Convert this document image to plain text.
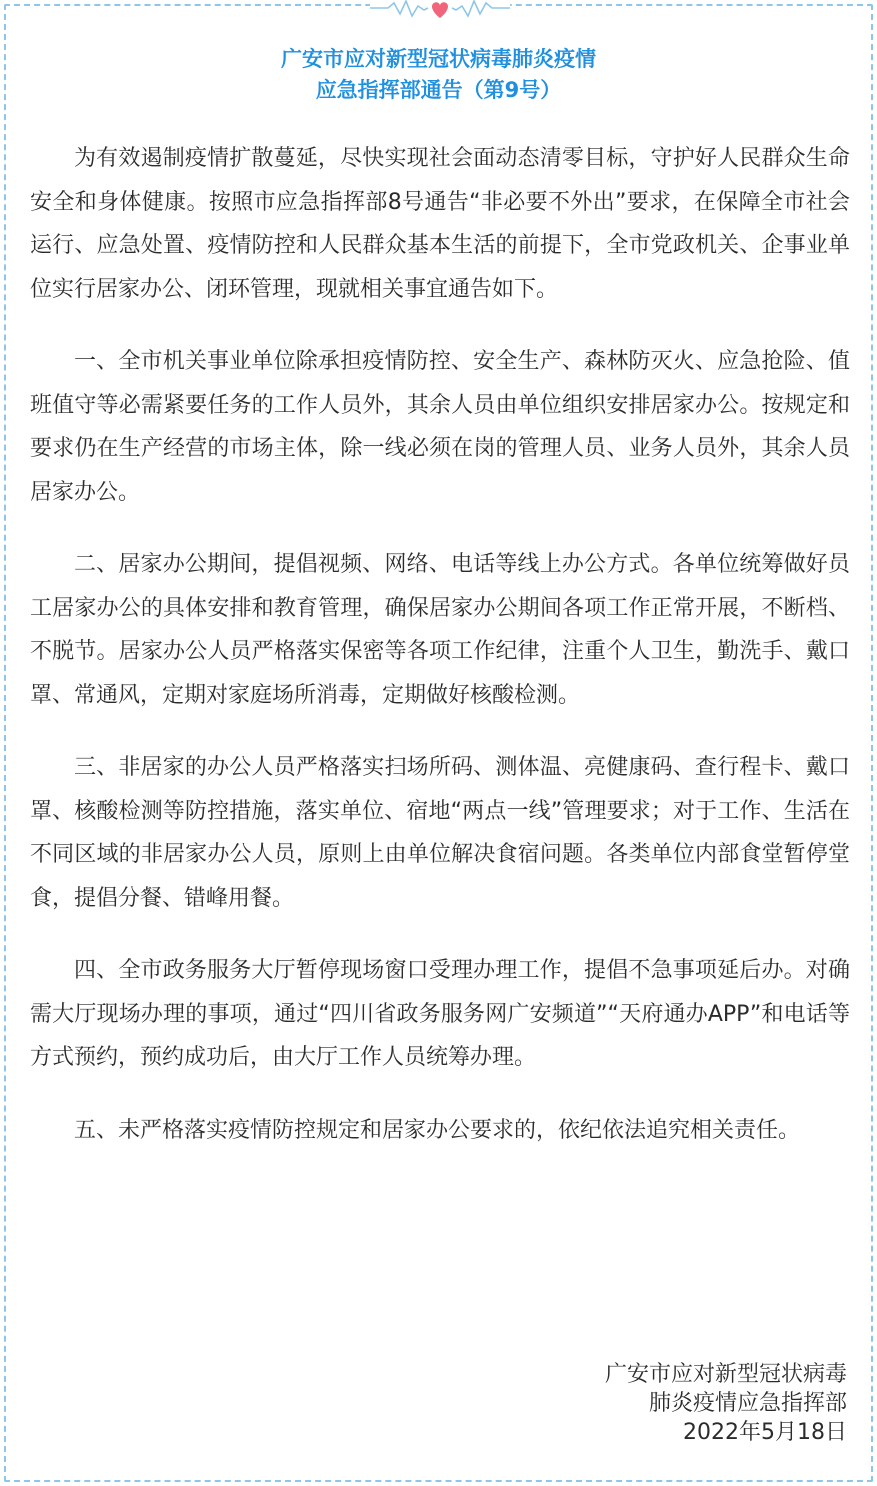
广安市应对新型冠状病毒肺炎疫情
应急指挥部通告（第9号）

为有效遏制疫情扩散蔓延，尽快实现社会面动态清零目标，守护好人民群众生命安全和身体健康。按照市应急指挥部8号通告“非必要不外出”要求，在保障全市社会运行、应急处置、疫情防控和人民群众基本生活的前提下，全市党政机关、企事业单位实行居家办公、闭环管理，现就相关事宜通告如下。

一、全市机关事业单位除承担疫情防控、安全生产、森林防灭火、应急抢险、值班值守等必需紧要任务的工作人员外，其余人员由单位组织安排居家办公。按规定和要求仍在生产经营的市场主体，除一线必须在岗的管理人员、业务人员外，其余人员居家办公。

二、居家办公期间，提倡视频、网络、电话等线上办公方式。各单位统筹做好员工居家办公的具体安排和教育管理，确保居家办公期间各项工作正常开展，不断档、不脱节。居家办公人员严格落实保密等各项工作纪律，注重个人卫生，勤洗手、戴口罩、常通风，定期对家庭场所消毒，定期做好核酸检测。

三、非居家的办公人员严格落实扫场所码、测体温、亮健康码、查行程卡、戴口罩、核酸检测等防控措施，落实单位、宿地“两点一线”管理要求；对于工作、生活在不同区域的非居家办公人员，原则上由单位解决食宿问题。各类单位内部食堂暂停堂食，提倡分餐、错峰用餐。

四、全市政务服务大厅暂停现场窗口受理办理工作，提倡不急事项延后办。对确需大厅现场办理的事项，通过“四川省政务服务网广安频道”“天府通办APP”和电话等方式预约，预约成功后，由大厅工作人员统筹办理。

五、未严格落实疫情防控规定和居家办公要求的，依纪依法追究相关责任。

广安市应对新型冠状病毒
肺炎疫情应急指挥部
2022年5月18日
